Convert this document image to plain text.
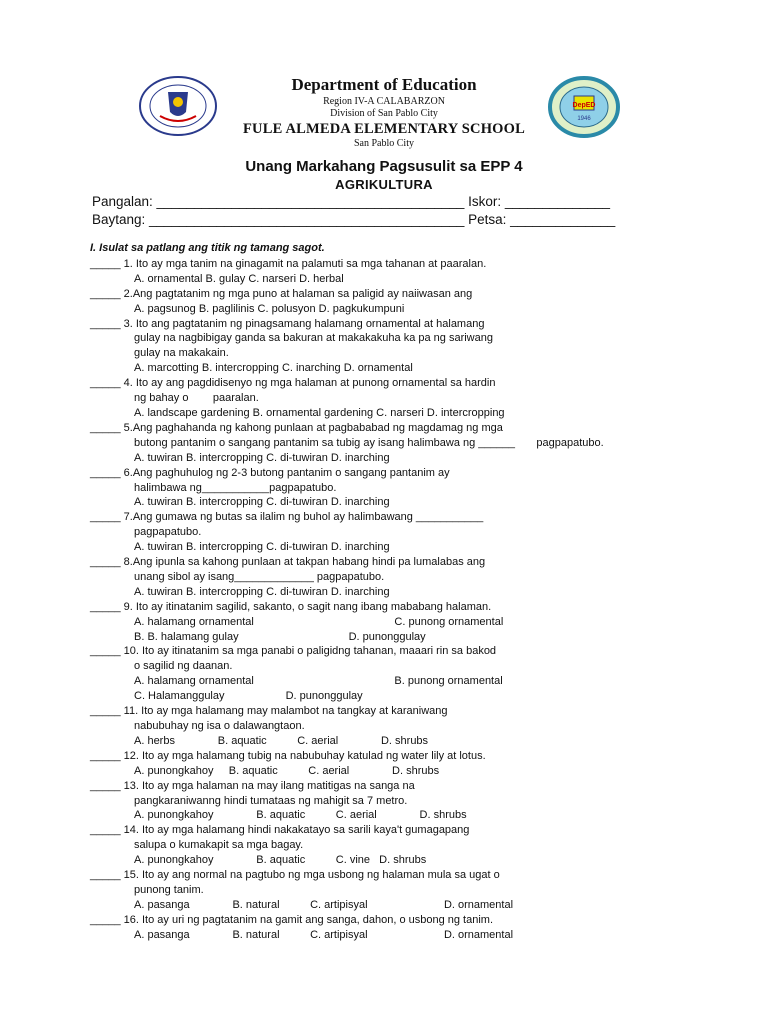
DepED
1946
Department of Education
Region IV-A CALABARZON
Division of San Pablo City
FULE ALMEDA ELEMENTARY SCHOOL
San Pablo City
Unang Markahang Pagsusulit sa EPP 4
AGRIKULTURA
Pangalan: _________________________________________ Iskor: ______________
Baytang: __________________________________________ Petsa: ______________
I. Isulat sa patlang ang titik ng tamang sagot.
_____ 1. Ito ay mga tanim na ginagamit na palamuti sa mga tahanan at paaralan.
A. ornamental B. gulay C. narseri D. herbal
_____ 2.Ang pagtatanim ng mga puno at halaman sa paligid ay naiiwasan ang
A. pagsunog B. paglilinis C. polusyon D. pagkukumpuni
_____ 3. Ito ang pagtatanim ng pinagsamang halamang ornamental at halamang
gulay na nagbibigay ganda sa bakuran at makakakuha ka pa ng sariwang
gulay na makakain.
A. marcotting B. intercropping C. inarching D. ornamental
_____ 4. Ito ay ang pagdidisenyo ng mga halaman at punong ornamental sa hardin
ng bahay o        paaralan.
A. landscape gardening B. ornamental gardening C. narseri D. intercropping
_____ 5.Ang paghahanda ng kahong punlaan at pagbababad ng magdamag ng mga
butong pantanim o sangang pantanim sa tubig ay isang halimbawa ng ______       pagpapatubo.
A. tuwiran B. intercropping C. di-tuwiran D. inarching
_____ 6.Ang paghuhulog ng 2-3 butong pantanim o sangang pantanim ay
halimbawa ng___________pagpapatubo.
A. tuwiran B. intercropping C. di-tuwiran D. inarching
_____ 7.Ang gumawa ng butas sa ilalim ng buhol ay halimbawang ___________
pagpapatubo.
A. tuwiran B. intercropping C. di-tuwiran D. inarching
_____ 8.Ang ipunla sa kahong punlaan at takpan habang hindi pa lumalabas ang
unang sibol ay isang_____________ pagpapatubo.
A. tuwiran B. intercropping C. di-tuwiran D. inarching
_____ 9. Ito ay itinatanim sagilid, sakanto, o sagit nang ibang mababang halaman.
A. halamang ornamental                                              C. punong ornamental
B. B. halamang gulay                                    D. punonggulay
_____ 10. Ito ay itinatanim sa mga panabi o paligidng tahanan, maaari rin sa bakod
o sagilid ng daanan.
A. halamang ornamental                                              B. punong ornamental
C. Halamanggulay                    D. punonggulay
_____ 11. Ito ay mga halamang may malambot na tangkay at karaniwang
nabubuhay ng isa o dalawangtaon.
A. herbs              B. aquatic          C. aerial              D. shrubs
_____ 12. Ito ay mga halamang tubig na nabubuhay katulad ng water lily at lotus.
A. punongkahoy     B. aquatic          C. aerial              D. shrubs
_____ 13. Ito ay mga halaman na may ilang matitigas na sanga na
pangkaraniwanng hindi tumataas ng mahigit sa 7 metro.
A. punongkahoy              B. aquatic          C. aerial              D. shrubs
_____ 14. Ito ay mga halamang hindi nakakatayo sa sarili kaya't gumagapang
salupa o kumakapit sa mga bagay.
A. punongkahoy              B. aquatic          C. vine   D. shrubs
_____ 15. Ito ay ang normal na pagtubo ng mga usbong ng halaman mula sa ugat o
punong tanim.
A. pasanga              B. natural          C. artipisyal                         D. ornamental
_____ 16. Ito ay uri ng pagtatanim na gamit ang sanga, dahon, o usbong ng tanim.
A. pasanga              B. natural          C. artipisyal                         D. ornamental
